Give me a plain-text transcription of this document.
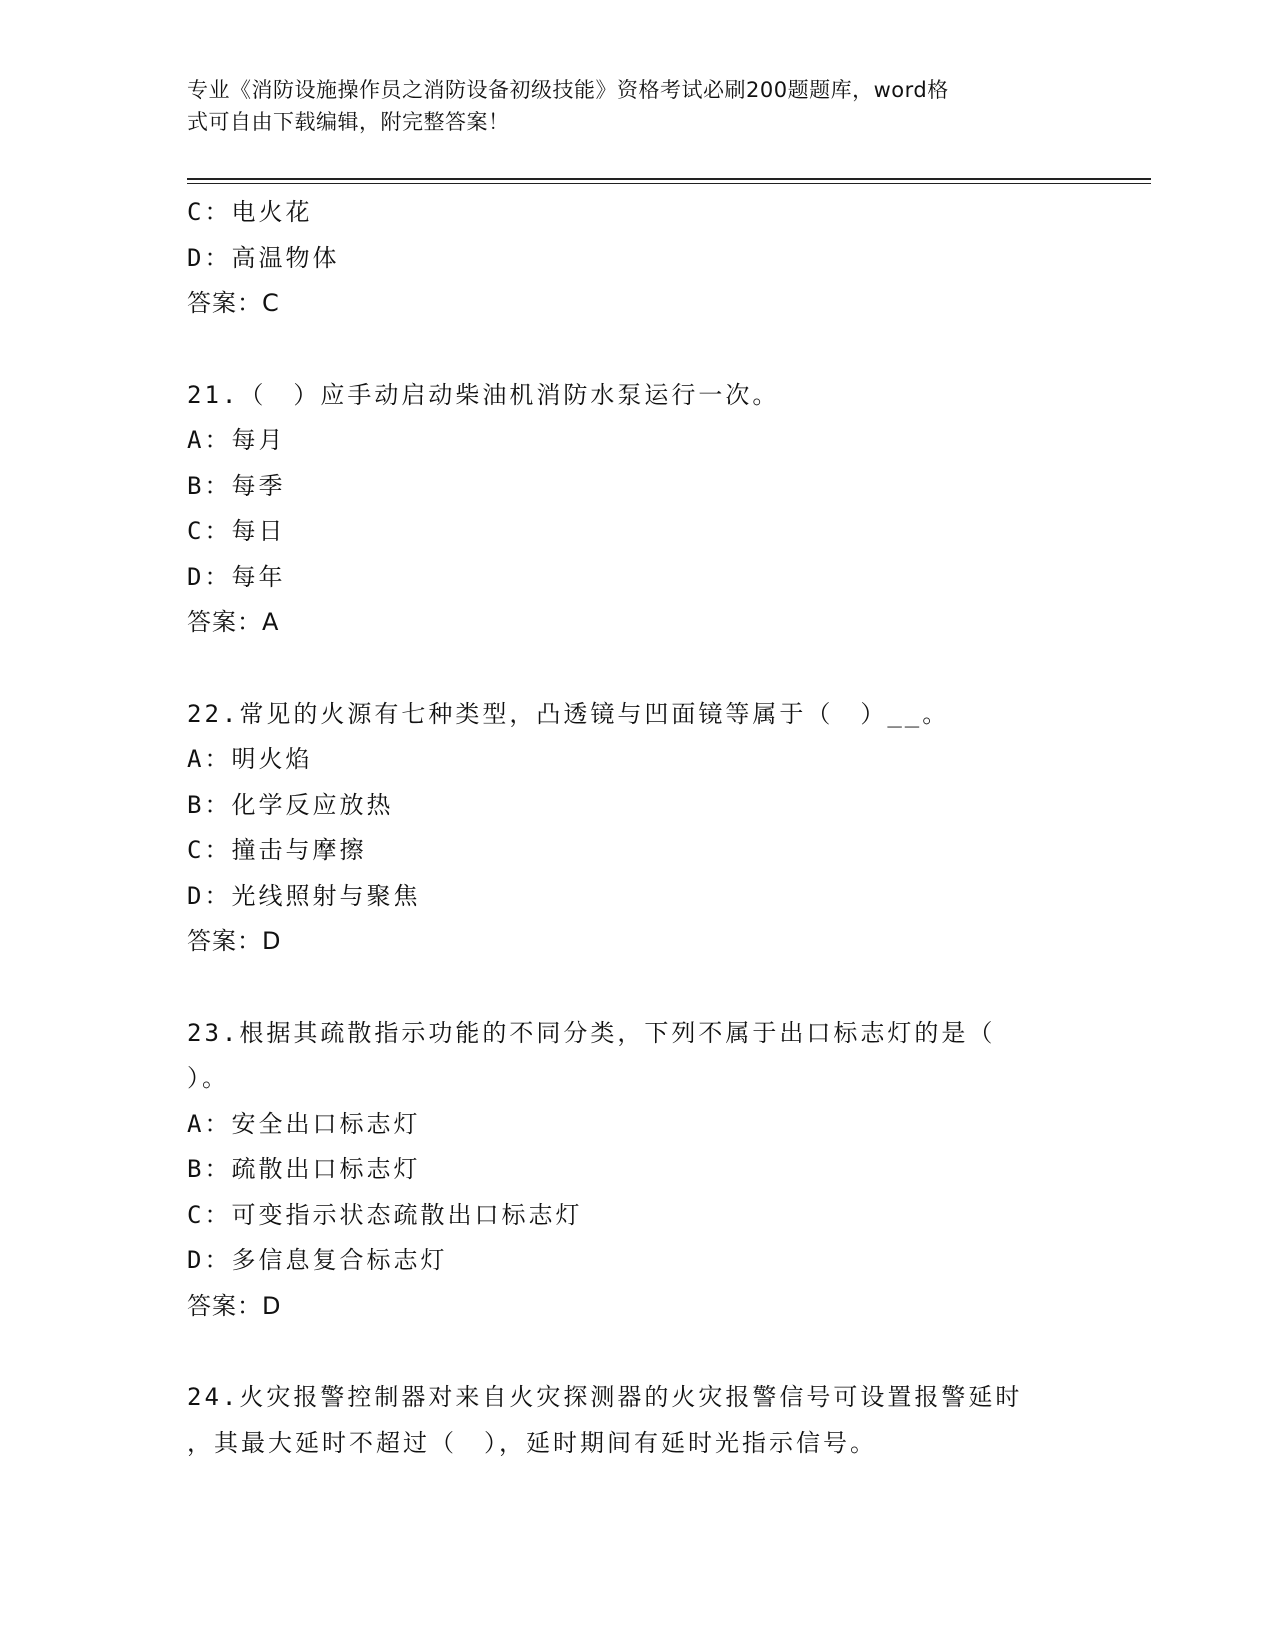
专业《消防设施操作员之消防设备初级技能》资格考试必刷200题题库，word格
式可自由下载编辑，附完整答案！
C：电火花
D：高温物体
答案：C
21.（　）应手动启动柴油机消防水泵运行一次。
A：每月
B：每季
C：每日
D：每年
答案：A
22.常见的火源有七种类型，凸透镜与凹面镜等属于（　）__。
A：明火焰
B：化学反应放热
C：撞击与摩擦
D：光线照射与聚焦
答案：D
23.根据其疏散指示功能的不同分类，下列不属于出口标志灯的是（
）。
A：安全出口标志灯
B：疏散出口标志灯
C：可变指示状态疏散出口标志灯
D：多信息复合标志灯
答案：D
24.火灾报警控制器对来自火灾探测器的火灾报警信号可设置报警延时
，其最大延时不超过（　），延时期间有延时光指示信号。
